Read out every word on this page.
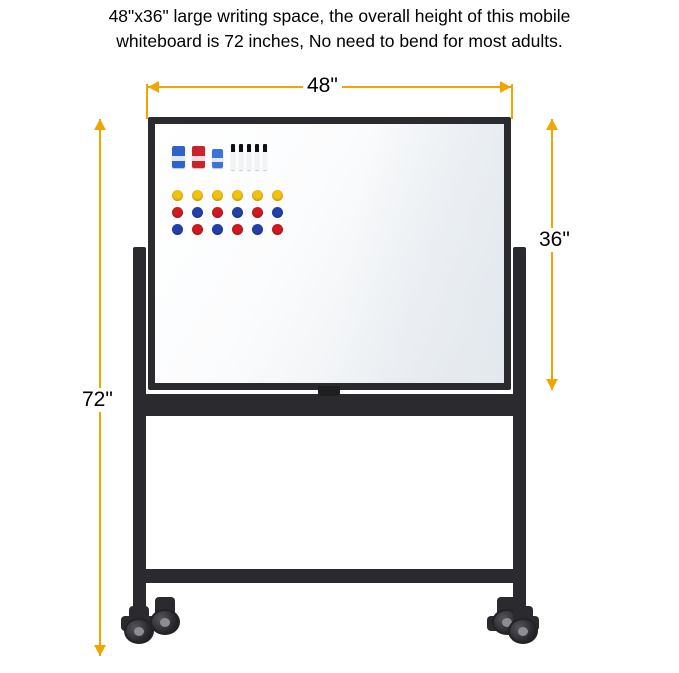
48"x36" large writing space, the overall height of this mobile
whiteboard is 72 inches, No need to bend for most adults.
48"
36"
72"
